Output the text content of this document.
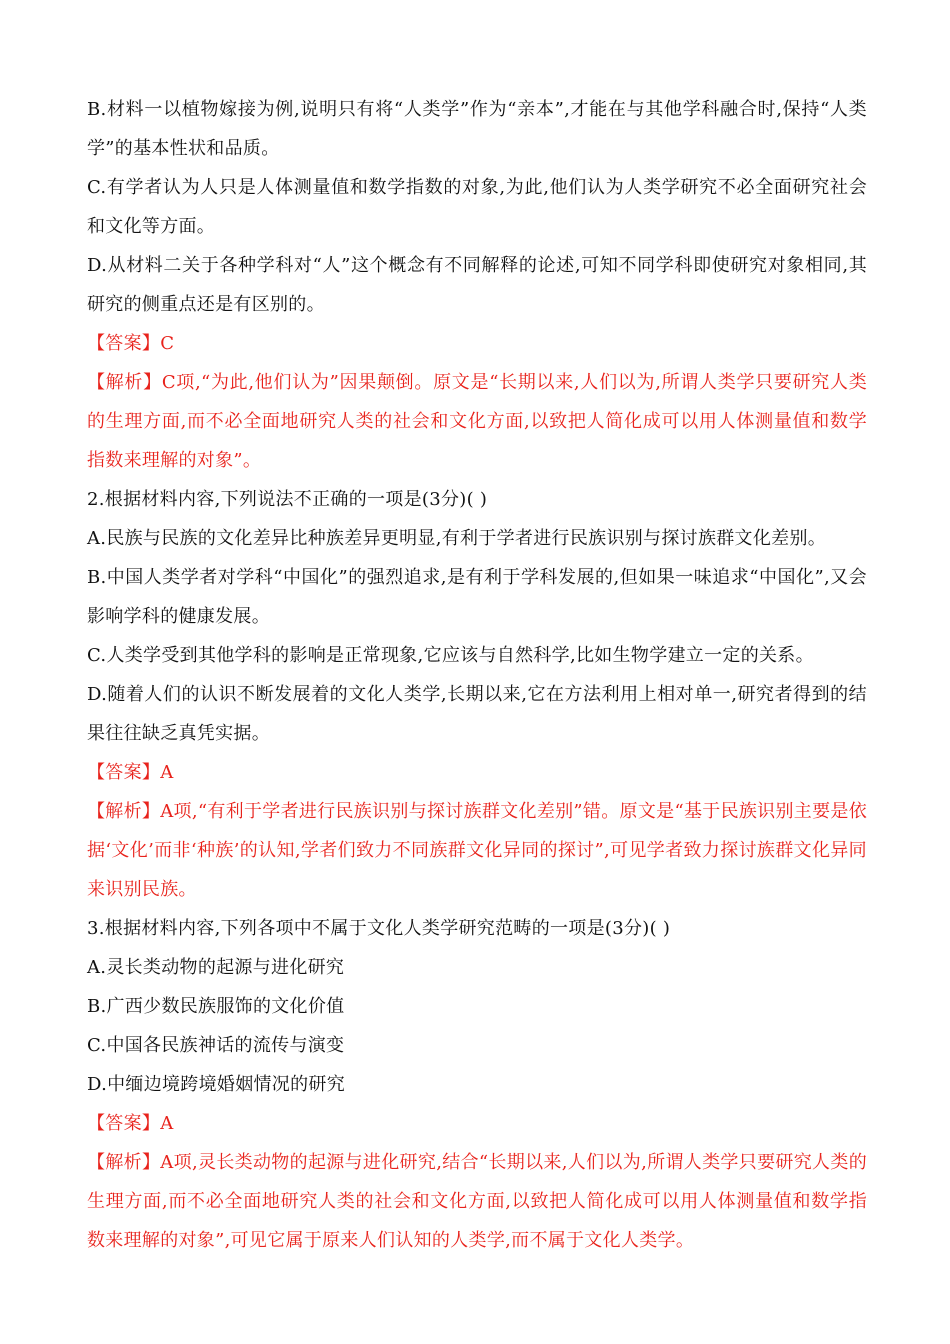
B.材料一以植物嫁接为例,说明只有将“人类学”作为“亲本”,才能在与其他学科融合时,保持“人类学”的基本性状和品质。

C.有学者认为人只是人体测量值和数学指数的对象,为此,他们认为人类学研究不必全面研究社会和文化等方面。

D.从材料二关于各种学科对“人”这个概念有不同解释的论述,可知不同学科即使研究对象相同,其研究的侧重点还是有区别的。

【答案】C

【解析】C项,“为此,他们认为”因果颠倒。原文是“长期以来,人们以为,所谓人类学只要研究人类的生理方面,而不必全面地研究人类的社会和文化方面,以致把人简化成可以用人体测量值和数学指数来理解的对象”。

2.根据材料内容,下列说法不正确的一项是(3分)( )

A.民族与民族的文化差异比种族差异更明显,有利于学者进行民族识别与探讨族群文化差别。

B.中国人类学者对学科“中国化”的强烈追求,是有利于学科发展的,但如果一味追求“中国化”,又会影响学科的健康发展。

C.人类学受到其他学科的影响是正常现象,它应该与自然科学,比如生物学建立一定的关系。

D.随着人们的认识不断发展着的文化人类学,长期以来,它在方法利用上相对单一,研究者得到的结果往往缺乏真凭实据。

【答案】A

【解析】A项,“有利于学者进行民族识别与探讨族群文化差别”错。原文是“基于民族识别主要是依据‘文化’而非‘种族’的认知,学者们致力不同族群文化异同的探讨”,可见学者致力探讨族群文化异同来识别民族。

3.根据材料内容,下列各项中不属于文化人类学研究范畴的一项是(3分)( )

A.灵长类动物的起源与进化研究

B.广西少数民族服饰的文化价值

C.中国各民族神话的流传与演变

D.中缅边境跨境婚姻情况的研究

【答案】A

【解析】A项,灵长类动物的起源与进化研究,结合“长期以来,人们以为,所谓人类学只要研究人类的生理方面,而不必全面地研究人类的社会和文化方面,以致把人简化成可以用人体测量值和数学指数来理解的对象”,可见它属于原来人们认知的人类学,而不属于文化人类学。
